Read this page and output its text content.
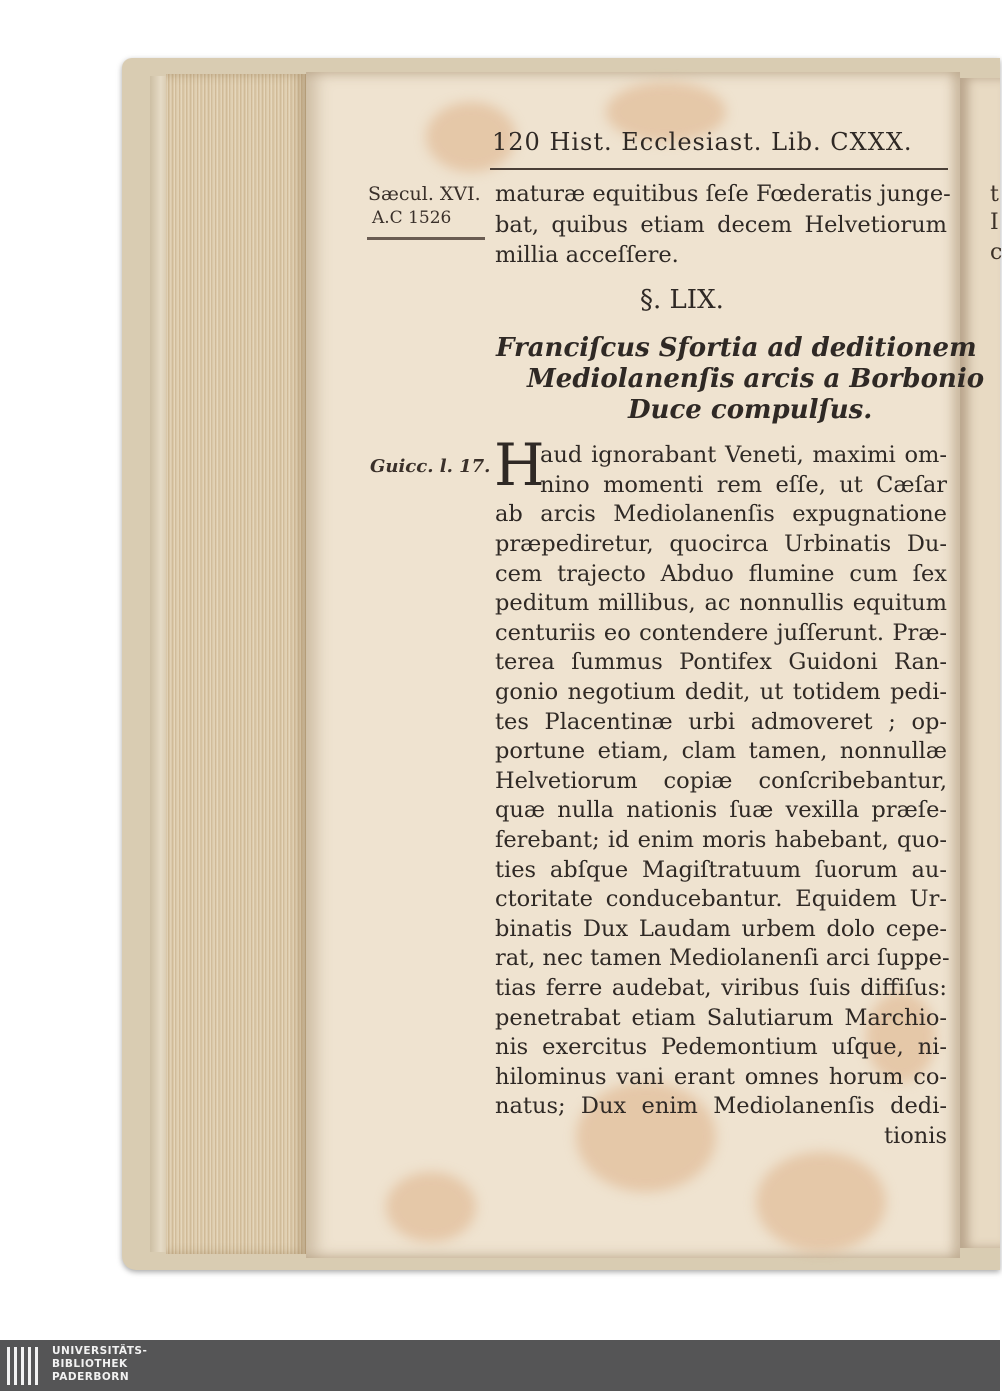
t
I
c
120 Hist. Ecclesiast. Lib. CXXX.
Sæcul. XVI.
A.C 1526
Guicc. l. 17.
maturæ equitibus ſeſe Fœderatis junge-
bat, quibus etiam decem Helvetiorum
millia acceſſere.
§. LIX.
Franciſcus Sfortia ad deditionem
Mediolanenſis arcis a Borbonio
Duce compulſus.
H
aud ignorabant Veneti, maximi om-
nino momenti rem eſſe, ut Cæſar
ab arcis Mediolanenſis expugnatione
præpediretur, quocirca Urbinatis Du-
cem trajecto Abduo flumine cum ſex
peditum millibus, ac nonnullis equitum
centuriis eo contendere juſſerunt. Præ-
terea ſummus Pontifex Guidoni Ran-
gonio negotium dedit, ut totidem pedi-
tes Placentinæ urbi admoveret ; op-
portune etiam, clam tamen, nonnullæ
Helvetiorum copiæ conſcribebantur,
quæ nulla nationis ſuæ vexilla præſe-
ferebant; id enim moris habebant, quo-
ties abſque Magiſtratuum ſuorum au-
ctoritate conducebantur. Equidem Ur-
binatis Dux Laudam urbem dolo cepe-
rat, nec tamen Mediolanenſi arci ſuppe-
tias ferre audebat, viribus ſuis diffiſus:
penetrabat etiam Salutiarum Marchio-
nis exercitus Pedemontium uſque, ni-
hilominus vani erant omnes horum co-
natus; Dux enim Mediolanenſis dedi-
tionis
UNIVERSITÄTS-
BIBLIOTHEK
PADERBORN
